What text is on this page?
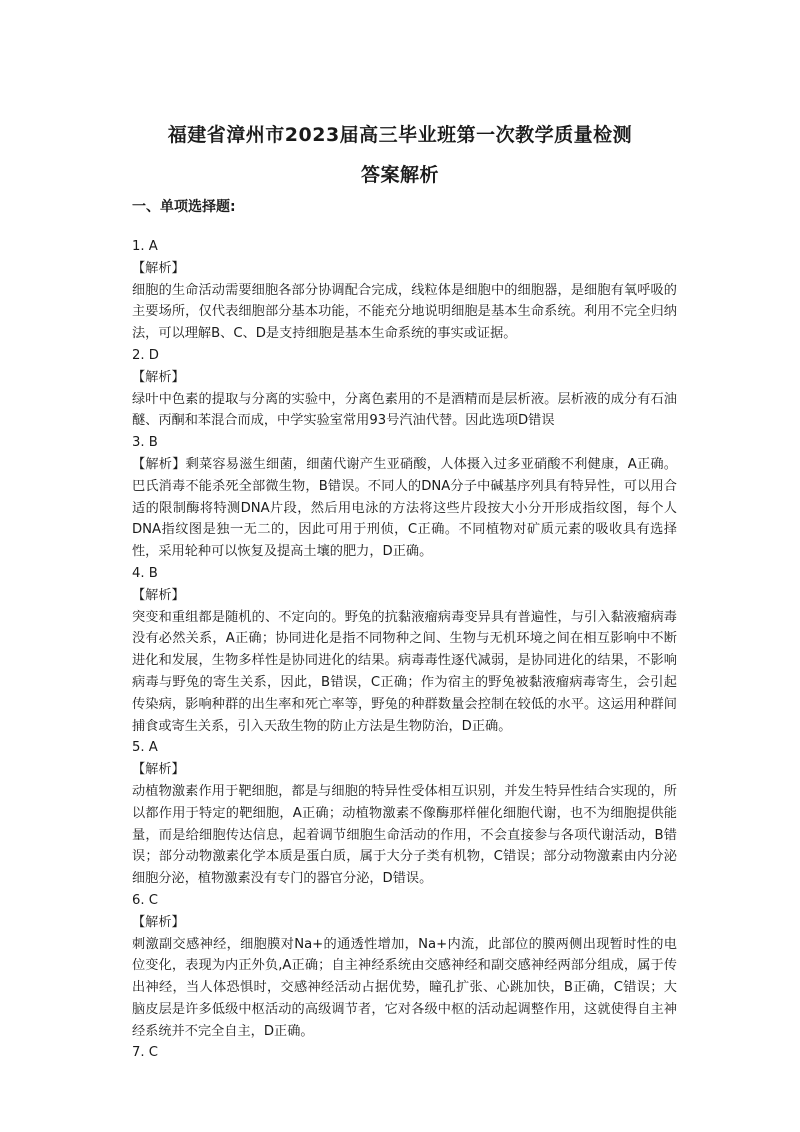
福建省漳州市2023届高三毕业班第一次教学质量检测
答案解析
一、单项选择题:

1. A

【解析】

细胞的生命活动需要细胞各部分协调配合完成，线粒体是细胞中的细胞器，是细胞有氧呼吸的主要场所，仅代表细胞部分基本功能，不能充分地说明细胞是基本生命系统。利用不完全归纳法，可以理解B、C、D是支持细胞是基本生命系统的事实或证据。

2. D

【解析】

绿叶中色素的提取与分离的实验中，分离色素用的不是酒精而是层析液。层析液的成分有石油醚、丙酮和苯混合而成，中学实验室常用93号汽油代替。因此选项D错误

3. B

【解析】剩菜容易滋生细菌，细菌代谢产生亚硝酸，人体摄入过多亚硝酸不利健康，A正确。巴氏消毒不能杀死全部微生物，B错误。不同人的DNA分子中碱基序列具有特异性，可以用合适的限制酶将特测DNA片段，然后用电泳的方法将这些片段按大小分开形成指纹图，每个人DNA指纹图是独一无二的，因此可用于刑侦，C正确。不同植物对矿质元素的吸收具有选择性，采用轮种可以恢复及提高土壤的肥力，D正确。

4. B

【解析】

突变和重组都是随机的、不定向的。野兔的抗黏液瘤病毒变异具有普遍性，与引入黏液瘤病毒没有必然关系，A正确；协同进化是指不同物种之间、生物与无机环境之间在相互影响中不断进化和发展，生物多样性是协同进化的结果。病毒毒性逐代减弱，是协同进化的结果，不影响病毒与野兔的寄生关系，因此，B错误，C正确；作为宿主的野兔被黏液瘤病毒寄生，会引起传染病，影响种群的出生率和死亡率等，野兔的种群数量会控制在较低的水平。这运用种群间捕食或寄生关系，引入天敌生物的防止方法是生物防治，D正确。

5. A

【解析】

动植物激素作用于靶细胞，都是与细胞的特异性受体相互识别，并发生特异性结合实现的，所以都作用于特定的靶细胞，A正确；动植物激素不像酶那样催化细胞代谢，也不为细胞提供能量，而是给细胞传达信息，起着调节细胞生命活动的作用，不会直接参与各项代谢活动，B错误；部分动物激素化学本质是蛋白质，属于大分子类有机物，C错误；部分动物激素由内分泌细胞分泌，植物激素没有专门的器官分泌，D错误。

6. C

【解析】

刺激副交感神经，细胞膜对Na+的通透性增加，Na+内流，此部位的膜两侧出现暂时性的电位变化，表现为内正外负,A正确；自主神经系统由交感神经和副交感神经两部分组成，属于传出神经，当人体恐惧时，交感神经活动占据优势，瞳孔扩张、心跳加快，B正确，C错误；大脑皮层是许多低级中枢活动的高级调节者，它对各级中枢的活动起调整作用，这就使得自主神经系统并不完全自主，D正确。

7. C
